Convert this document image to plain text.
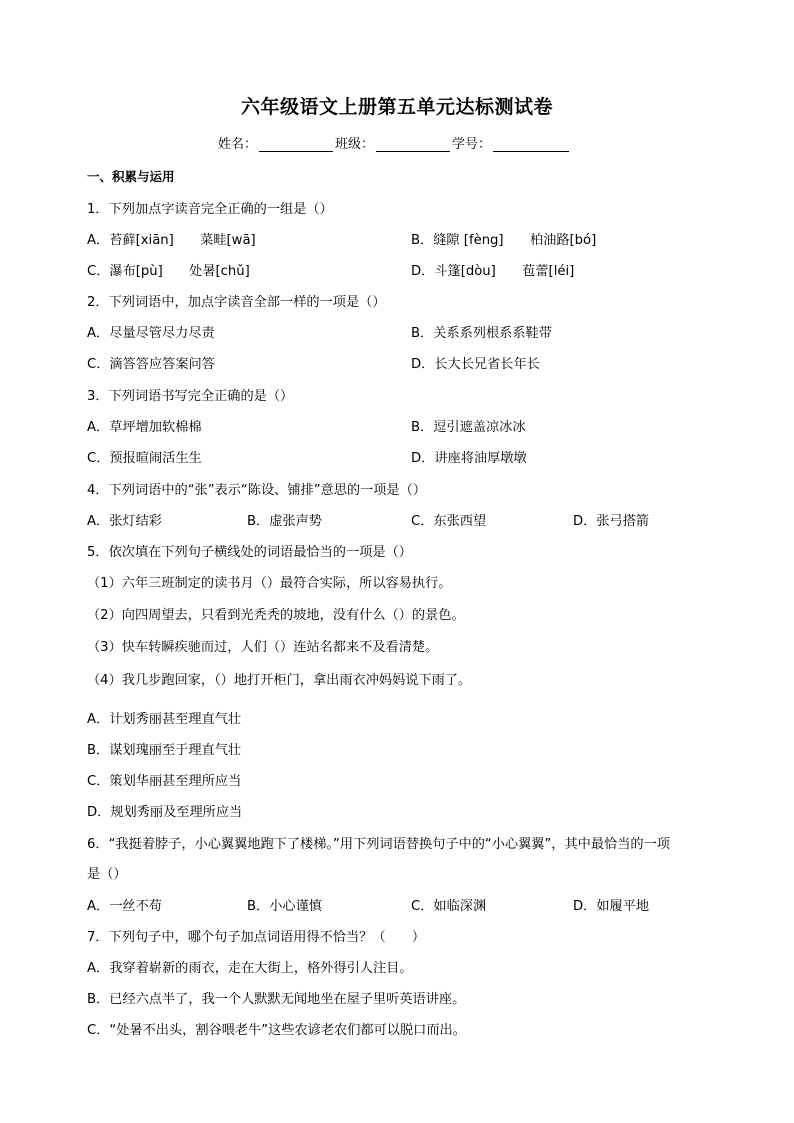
六年级语文上册第五单元达标测试卷
姓名：	班级：	学号：
一、积累与运用
1．下列加点字读音完全正确的一组是（）
A．苔藓[xiān]　　菜畦[wā]	B．缝隙 [fèng]　　柏油路[bó]
C．瀑布[pù]　　处暑[chǔ]	D．斗篷[dòu]　　苞蕾[léi]
2．下列词语中，加点字读音全部一样的一项是（）
A．尽量尽管尽力尽责	B．关系系列根系系鞋带
C．滴答答应答案问答	D．长大长兄省长年长
3．下列词语书写完全正确的是（）
A．草坪增加软棉棉	B．逗引遮盖凉冰冰
C．预报暄闹活生生	D．讲座将油厚墩墩
4．下列词语中的“张”表示“陈设、铺排”意思的一项是（）
A．张灯结彩	B．虚张声势	C．东张西望	D．张弓搭箭
5．依次填在下列句子横线处的词语最恰当的一项是（）
（1）六年三班制定的读书月（）最符合实际，所以容易执行。
（2）向四周望去，只看到光秃秃的坡地，没有什么（）的景色。
（3）快车转瞬疾驰而过，人们（）连站名都来不及看清楚。
（4）我几步跑回家，（）地打开柜门，拿出雨衣冲妈妈说下雨了。
A．计划秀丽甚至理直气壮
B．谋划瑰丽至于理直气壮
C．策划华丽甚至理所应当
D．规划秀丽及至理所应当
6．“我挺着脖子，小心翼翼地跑下了楼梯。”用下列词语替换句子中的“小心翼翼”，其中最恰当的一项
是（）
A．一丝不苟	B．小心谨慎	C．如临深渊	D．如履平地
7．下列句子中，哪个句子加点词语用得不恰当？（　　）
A．我穿着崭新的雨衣，走在大街上，格外得引人注目。
B．已经六点半了，我一个人默默无闻地坐在屋子里听英语讲座。
C．“处暑不出头，割谷喂老牛”这些农谚老农们都可以脱口而出。
